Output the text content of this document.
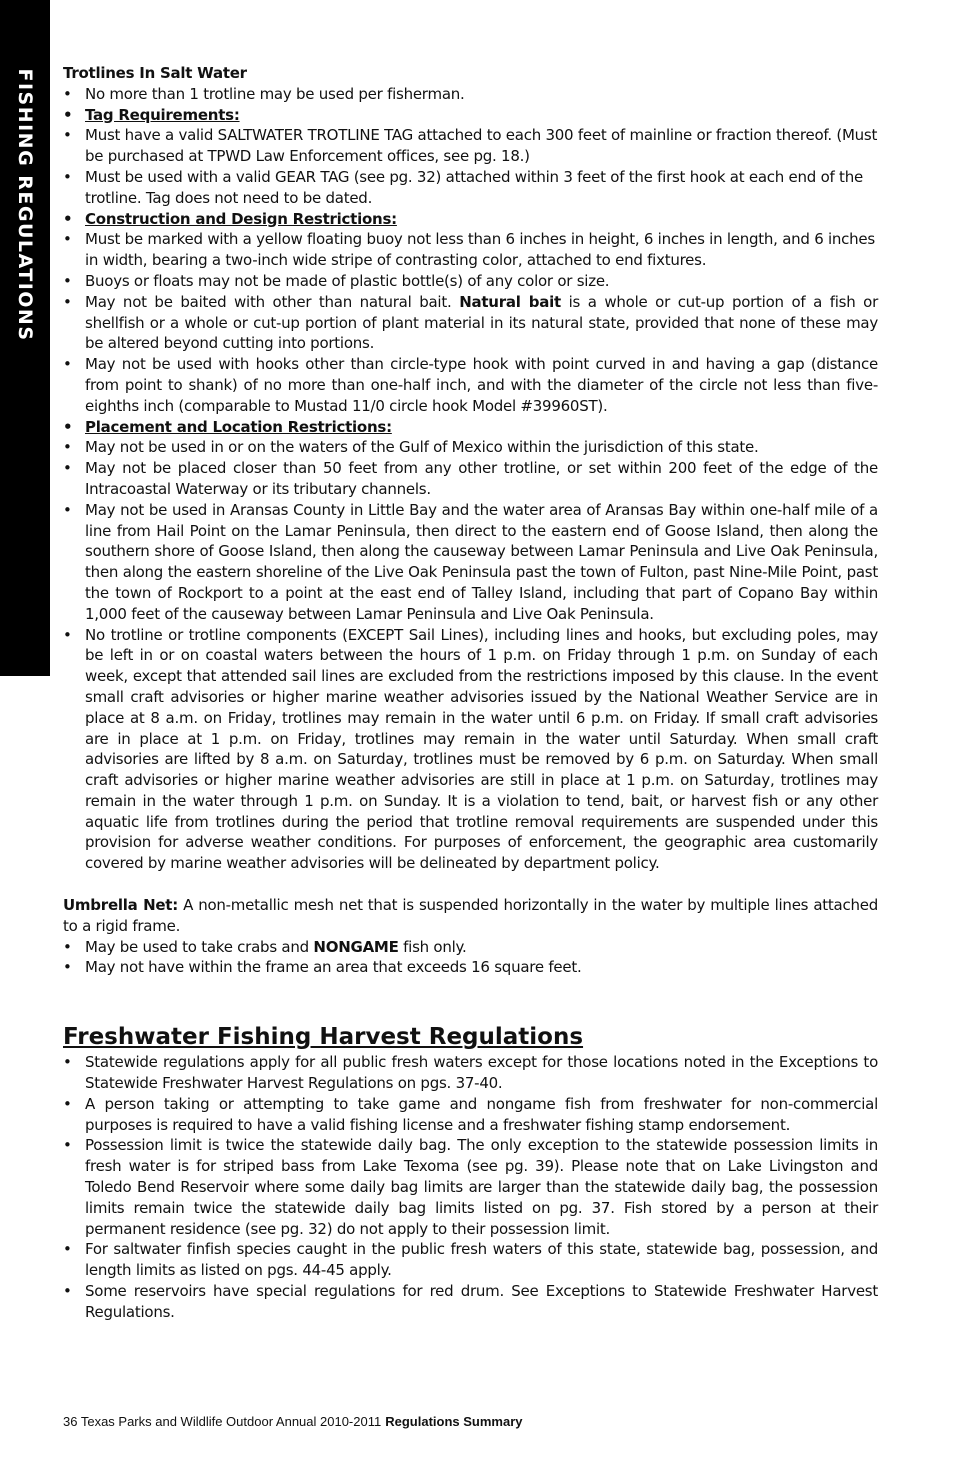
FISHING REGULATIONS Trotlines In Salt Water

• No more than 1 trotline may be used per fisherman.

• Tag Requirements:

• Must have a valid SALTWATER TROTLINE TAG attached to each 300 feet of mainline or fraction thereof. (Must be purchased at TPWD Law Enforcement offices, see pg. 18.)

• Must be used with a valid GEAR TAG (see pg. 32) attached within 3 feet of the first hook at each end of the trotline. Tag does not need to be dated.

• Construction and Design Restrictions:

• Must be marked with a yellow floating buoy not less than 6 inches in height, 6 inches in length, and 6 inches in width, bearing a two-inch wide stripe of contrasting color, attached to end fixtures.

• Buoys or floats may not be made of plastic bottle(s) of any color or size.

• May not be baited with other than natural bait. Natural bait is a whole or cut-up portion of a fish or shellfish or a whole or cut-up portion of plant material in its natural state, provided that none of these may be altered beyond cutting into portions.

• May not be used with hooks other than circle-type hook with point curved in and having a gap (distance from point to shank) of no more than one-half inch, and with the diameter of the circle not less than five-eighths inch (comparable to Mustad 11/0 circle hook Model #39960ST).

• Placement and Location Restrictions:

• May not be used in or on the waters of the Gulf of Mexico within the jurisdiction of this state.

• May not be placed closer than 50 feet from any other trotline, or set within 200 feet of the edge of the Intracoastal Waterway or its tributary channels.

• May not be used in Aransas County in Little Bay and the water area of Aransas Bay within one-half mile of a line from Hail Point on the Lamar Peninsula, then direct to the eastern end of Goose Island, then along the southern shore of Goose Island, then along the causeway between Lamar Peninsula and Live Oak Peninsula, then along the eastern shoreline of the Live Oak Peninsula past the town of Fulton, past Nine-Mile Point, past the town of Rockport to a point at the east end of Talley Island, including that part of Copano Bay within 1,000 feet of the causeway between Lamar Peninsula and Live Oak Peninsula.

• No trotline or trotline components (EXCEPT Sail Lines), including lines and hooks, but excluding poles, may be left in or on coastal waters between the hours of 1 p.m. on Friday through 1 p.m. on Sunday of each week, except that attended sail lines are excluded from the restrictions imposed by this clause. In the event small craft advisories or higher marine weather advisories issued by the National Weather Service are in place at 8 a.m. on Friday, trotlines may remain in the water until 6 p.m. on Friday. If small craft advisories are in place at 1 p.m. on Friday, trotlines may remain in the water until Saturday. When small craft advisories are lifted by 8 a.m. on Saturday, trotlines must be removed by 6 p.m. on Saturday. When small craft advisories or higher marine weather advisories are still in place at 1 p.m. on Saturday, trotlines may remain in the water through 1 p.m. on Sunday. It is a violation to tend, bait, or harvest fish or any other aquatic life from trotlines during the period that trotline removal requirements are suspended under this provision for adverse weather conditions. For purposes of enforcement, the geographic area customarily covered by marine weather advisories will be delineated by department policy.

Umbrella Net: A non-metallic mesh net that is suspended horizontally in the water by multiple lines attached to a rigid frame.

• May be used to take crabs and NONGAME fish only.

• May not have within the frame an area that exceeds 16 square feet.

Freshwater Fishing Harvest Regulations

• Statewide regulations apply for all public fresh waters except for those locations noted in the Exceptions to Statewide Freshwater Harvest Regulations on pgs. 37-40.

• A person taking or attempting to take game and nongame fish from freshwater for non-commercial purposes is required to have a valid fishing license and a freshwater fishing stamp endorsement.

• Possession limit is twice the statewide daily bag. The only exception to the statewide possession limits in fresh water is for striped bass from Lake Texoma (see pg. 39). Please note that on Lake Livingston and Toledo Bend Reservoir where some daily bag limits are larger than the statewide daily bag, the possession limits remain twice the statewide daily bag limits listed on pg. 37. Fish stored by a person at their permanent residence (see pg. 32) do not apply to their possession limit.

• For saltwater finfish species caught in the public fresh waters of this state, statewide bag, possession, and length limits as listed on pgs. 44-45 apply.

• Some reservoirs have special regulations for red drum. See Exceptions to Statewide Freshwater Harvest Regulations.

36 Texas Parks and Wildlife Outdoor Annual 2010-2011 Regulations Summary
